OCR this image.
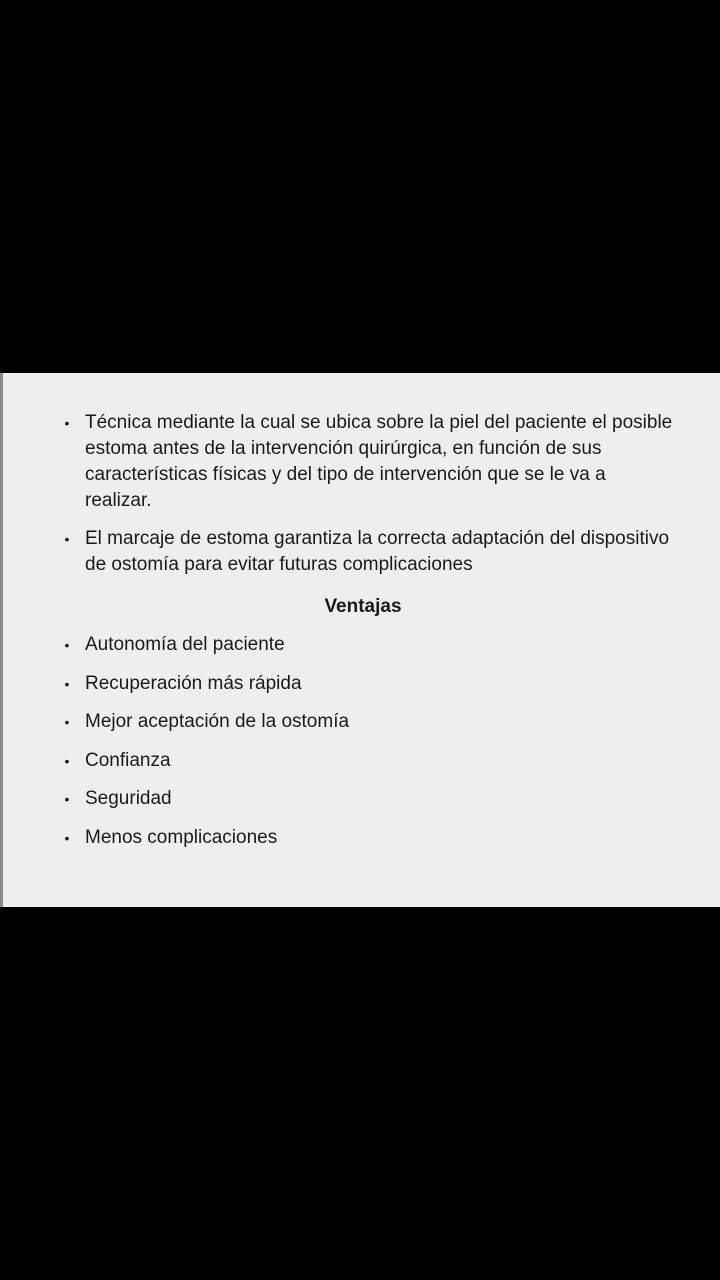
• Técnica mediante la cual se ubica sobre la piel del paciente el posible estoma antes de la intervención quirúrgica, en función de sus características físicas y del tipo de intervención que se le va a realizar.
• El marcaje de estoma garantiza la correcta adaptación del dispositivo de ostomía para evitar futuras complicaciones
Ventajas
• Autonomía del paciente
• Recuperación más rápida
• Mejor aceptación de la ostomía
• Confianza
• Seguridad
• Menos complicaciones
